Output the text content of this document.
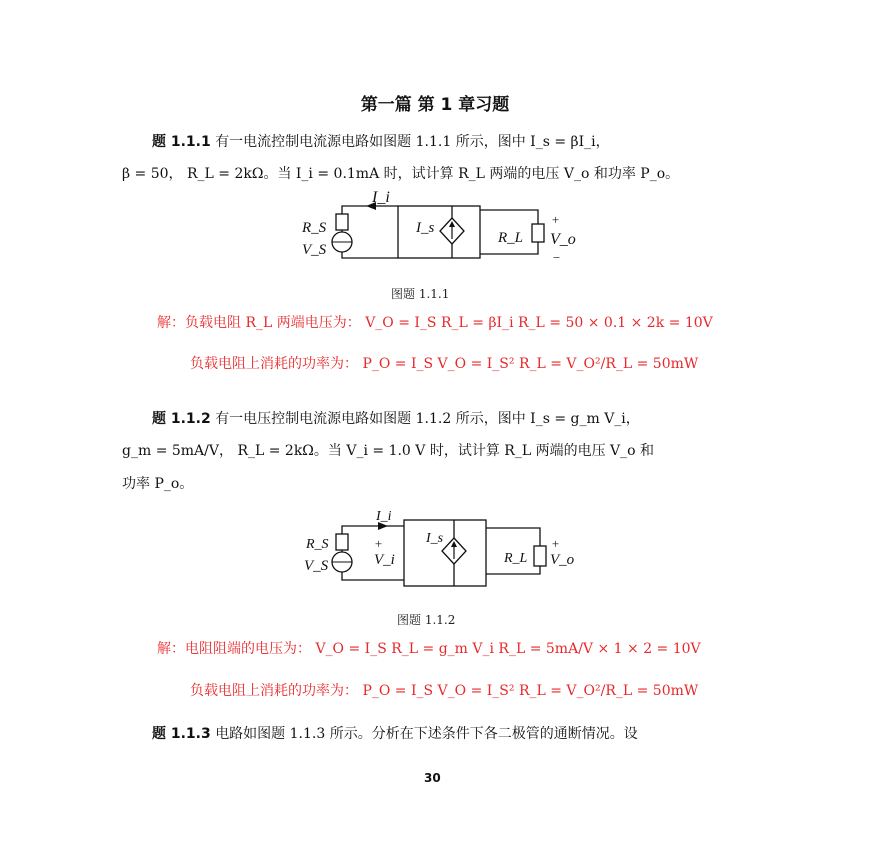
第一篇 第 1 章习题
题 1.1.1 有一电流控制电流源电路如图题 1.1.1 所示，图中 I_s = βI_i，
β = 50， R_L = 2kΩ。当 I_i = 0.1mA 时，试计算 R_L 两端的电压 V_o 和功率 P_o。
I_i
R_S
V_S
I_s
R_L
+
V_o
−
图题 1.1.1
解：负载电阻 R_L 两端电压为： V_O = I_S R_L = βI_i R_L = 50 × 0.1 × 2k = 10V
负载电阻上消耗的功率为： P_O = I_S V_O = I_S² R_L = V_O²/R_L = 50mW
题 1.1.2 有一电压控制电流源电路如图题 1.1.2 所示，图中 I_s = g_m V_i，
g_m = 5mA/V， R_L = 2kΩ。当 V_i = 1.0 V 时，试计算 R_L 两端的电压 V_o 和
功率 P_o。
I_i
R_S
V_S
+
V_i
I_s
R_L
+
V_o
图题 1.1.2
解：电阻阻端的电压为： V_O = I_S R_L = g_m V_i R_L = 5mA/V × 1 × 2 = 10V
负载电阻上消耗的功率为： P_O = I_S V_O = I_S² R_L = V_O²/R_L = 50mW
题 1.1.3 电路如图题 1.1.3 所示。分析在下述条件下各二极管的通断情况。设
30
